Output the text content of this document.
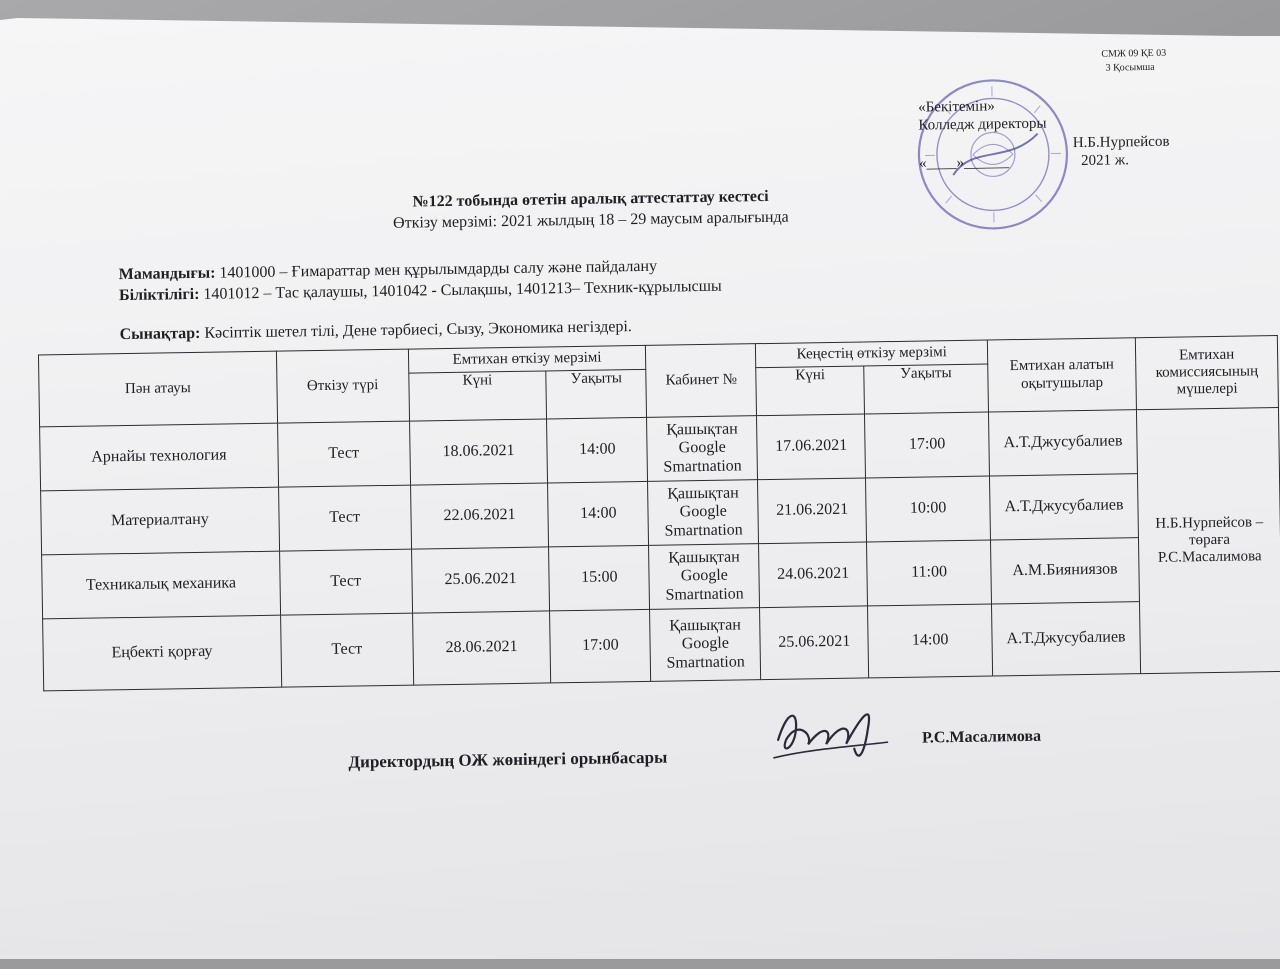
СМЖ 09 ҚЕ 03
3 Қосымша
«Бекітемін»
Колледж директоры
Н.Б.Нурпейсов
«____»______	2021 ж.
№122 тобында өтетін аралық аттестаттау кестесі
Өткізу мерзімі: 2021 жылдың 18 – 29 маусым аралығында
Мамандығы: 1401000 – Ғимараттар мен құрылымдарды салу және пайдалану
Біліктілігі: 1401012 – Тас қалаушы, 1401042 - Сылақшы, 1401213– Техник-құрылысшы
Сынақтар: Кәсіптік шетел тілі, Дене тәрбиесі, Сызу, Экономика негіздері.
Пән атауы	Өткізу түрі	Емтихан өткізу мерзімі		Кабинет №	Кеңестің өткізу мерзімі		Емтихан алатын оқытушылар	Емтихан комиссиясының мүшелері
		Күні	Уақыты		Күні	Уақыты		
Арнайы технология	Тест	18.06.2021	14:00	Қашықтан Google Smartnation	17.06.2021	17:00	А.Т.Джусубалиев	Н.Б.Нурпейсов – төраға Р.С.Масалимова
Материалтану	Тест	22.06.2021	14:00	Қашықтан Google Smartnation	21.06.2021	10:00	А.Т.Джусубалиев	
Техникалық механика	Тест	25.06.2021	15:00	Қашықтан Google Smartnation	24.06.2021	11:00	А.М.Бияниязов	
Еңбекті қорғау	Тест	28.06.2021	17:00	Қашықтан Google Smartnation	25.06.2021	14:00	А.Т.Джусубалиев	
Директордың ОЖ жөніндегі орынбасары
Р.С.Масалимова
